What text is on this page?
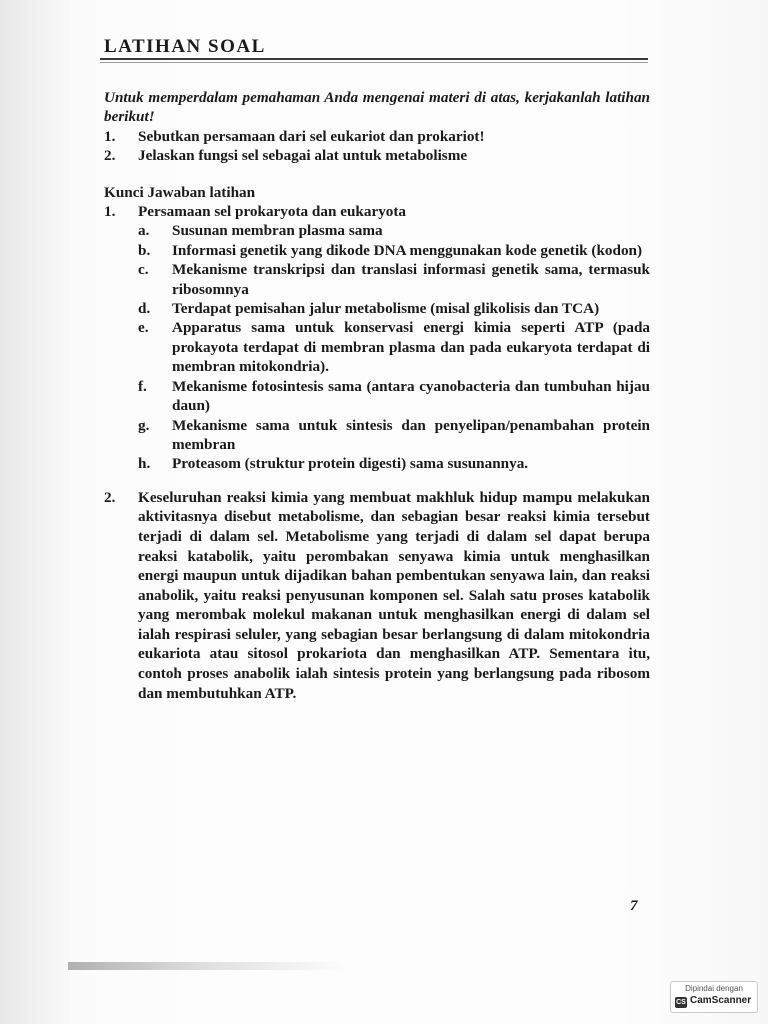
LATIHAN SOAL

Untuk memperdalam pemahaman Anda mengenai materi di atas, kerjakanlah latihan berikut!

1.	Sebutkan persamaan dari sel eukariot dan prokariot!
2.	Jelaskan fungsi sel sebagai alat untuk metabolisme
Kunci Jawaban latihan
1.	Persamaan sel prokaryota dan eukaryota
a.	Susunan membran plasma sama
b.	Informasi genetik yang dikode DNA menggunakan kode genetik (kodon)
c.	Mekanisme transkripsi dan translasi informasi genetik sama, termasuk ribosomnya
d.	Terdapat pemisahan jalur metabolisme (misal glikolisis dan TCA)
e.	Apparatus sama untuk konservasi energi kimia seperti ATP (pada prokayota terdapat di membran plasma dan pada eukaryota terdapat di membran mitokondria).
f.	Mekanisme fotosintesis sama (antara cyanobacteria dan tumbuhan hijau daun)
g.	Mekanisme sama untuk sintesis dan penyelipan/penambahan protein membran
h.	Proteasom (struktur protein digesti) sama susunannya.
2.	Keseluruhan reaksi kimia yang membuat makhluk hidup mampu melakukan aktivitasnya disebut metabolisme, dan sebagian besar reaksi kimia tersebut terjadi di dalam sel. Metabolisme yang terjadi di dalam sel dapat berupa reaksi katabolik, yaitu perombakan senyawa kimia untuk menghasilkan energi maupun untuk dijadikan bahan pembentukan senyawa lain, dan reaksi anabolik, yaitu reaksi penyusunan komponen sel. Salah satu proses katabolik yang merombak molekul makanan untuk menghasilkan energi di dalam sel ialah respirasi seluler, yang sebagian besar berlangsung di dalam mitokondria eukariota atau sitosol prokariota dan menghasilkan ATP. Sementara itu, contoh proses anabolik ialah sintesis protein yang berlangsung pada ribosom dan membutuhkan ATP.
7
Dipindai dengan
CS CamScanner
